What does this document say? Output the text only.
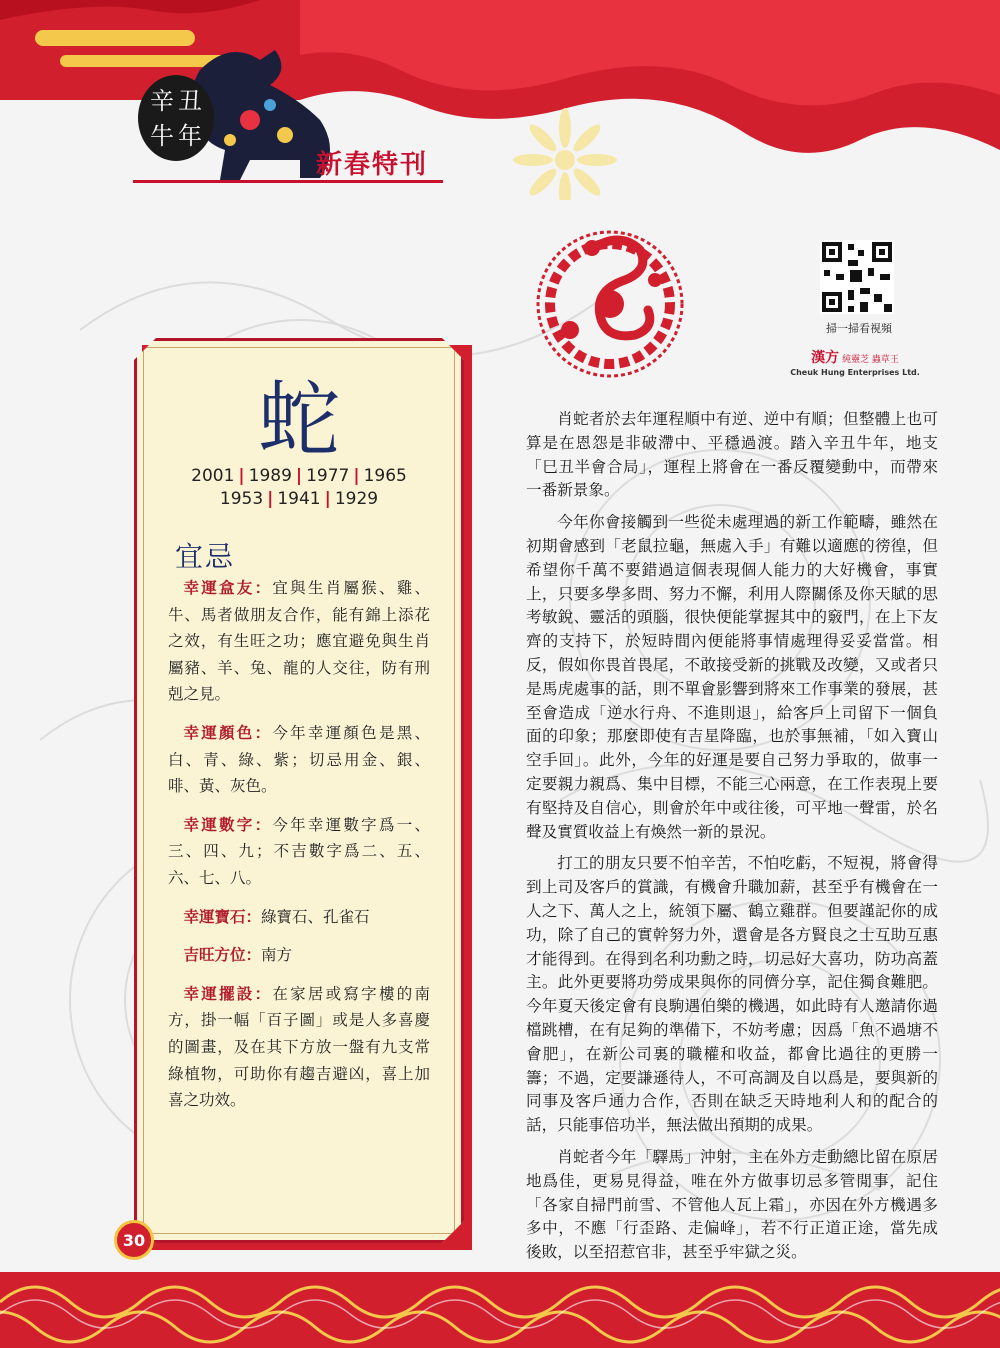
辛 丑
牛 年
新春特刊
蛇
2001 | 1989 | 1977 | 1965
1953 | 1941 | 1929
宜忌

幸運盒友：宜與生肖屬猴、雞、牛、馬者做朋友合作，能有錦上添花之效，有生旺之功；應宜避免與生肖屬豬、羊、兔、龍的人交往，防有刑剋之見。

幸運顏色：今年幸運顏色是黑、白、青、綠、紫；切忌用金、銀、啡、黃、灰色。

幸運數字：今年幸運數字爲一、三、四、九；不吉數字爲二、五、六、七、八。

幸運寶石：綠寶石、孔雀石

吉旺方位：南方

幸運擺設：在家居或寫字樓的南方，掛一幅「百子圖」或是人多喜慶的圖畫，及在其下方放一盤有九支常綠植物，可助你有趨吉避凶，喜上加喜之功效。

30
掃一掃看視頻
漢方 純靈芝 蟲草王
Cheuk Hung Enterprises Ltd.

肖蛇者於去年運程順中有逆、逆中有順；但整體上也可算是在恩怨是非破滯中、平穩過渡。踏入辛丑牛年，地支「巳丑半會合局」，運程上將會在一番反覆變動中，而帶來一番新景象。

今年你會接觸到一些從未處理過的新工作範疇，雖然在初期會感到「老鼠拉龜，無處入手」有難以適應的徬徨，但希望你千萬不要錯過這個表現個人能力的大好機會，事實上，只要多學多問、努力不懈，利用人際關係及你天賦的思考敏銳、靈活的頭腦，很快便能掌握其中的竅門，在上下友齊的支持下，於短時間內便能將事情處理得妥妥當當。相反，假如你畏首畏尾，不敢接受新的挑戰及改變，又或者只是馬虎處事的話，則不單會影響到將來工作事業的發展，甚至會造成「逆水行舟、不進則退」，給客戶上司留下一個負面的印象；那麼即使有吉星降臨，也於事無補，「如入寶山空手回」。此外，今年的好運是要自己努力爭取的，做事一定要親力親爲、集中目標，不能三心兩意，在工作表現上要有堅持及自信心，則會於年中或往後，可平地一聲雷，於名聲及實質收益上有煥然一新的景況。

打工的朋友只要不怕辛苦，不怕吃虧，不短視，將會得到上司及客戶的賞識，有機會升職加薪，甚至乎有機會在一人之下、萬人之上，統領下屬、鶴立雞群。但要謹記你的成功，除了自己的實幹努力外，還會是各方賢良之士互助互惠才能得到。在得到名利功勳之時，切忌好大喜功，防功高蓋主。此外更要將功勞成果與你的同儕分享，記住獨食難肥。今年夏天後定會有良駒遇伯樂的機遇，如此時有人邀請你過檔跳槽，在有足夠的準備下，不妨考慮；因爲「魚不過塘不會肥」，在新公司裏的職權和收益，都會比過往的更勝一籌；不過，定要謙遜待人，不可高調及自以爲是，要與新的同事及客戶通力合作，否則在缺乏天時地利人和的配合的話，只能事倍功半，無法做出預期的成果。

肖蛇者今年「驛馬」沖射，主在外方走動總比留在原居地爲佳，更易見得益，唯在外方做事切忌多管閒事，記住「各家自掃門前雪、不管他人瓦上霜」，亦因在外方機遇多多中，不應「行歪路、走偏峰」，若不行正道正途，當先成後敗，以至招惹官非，甚至乎牢獄之災。
